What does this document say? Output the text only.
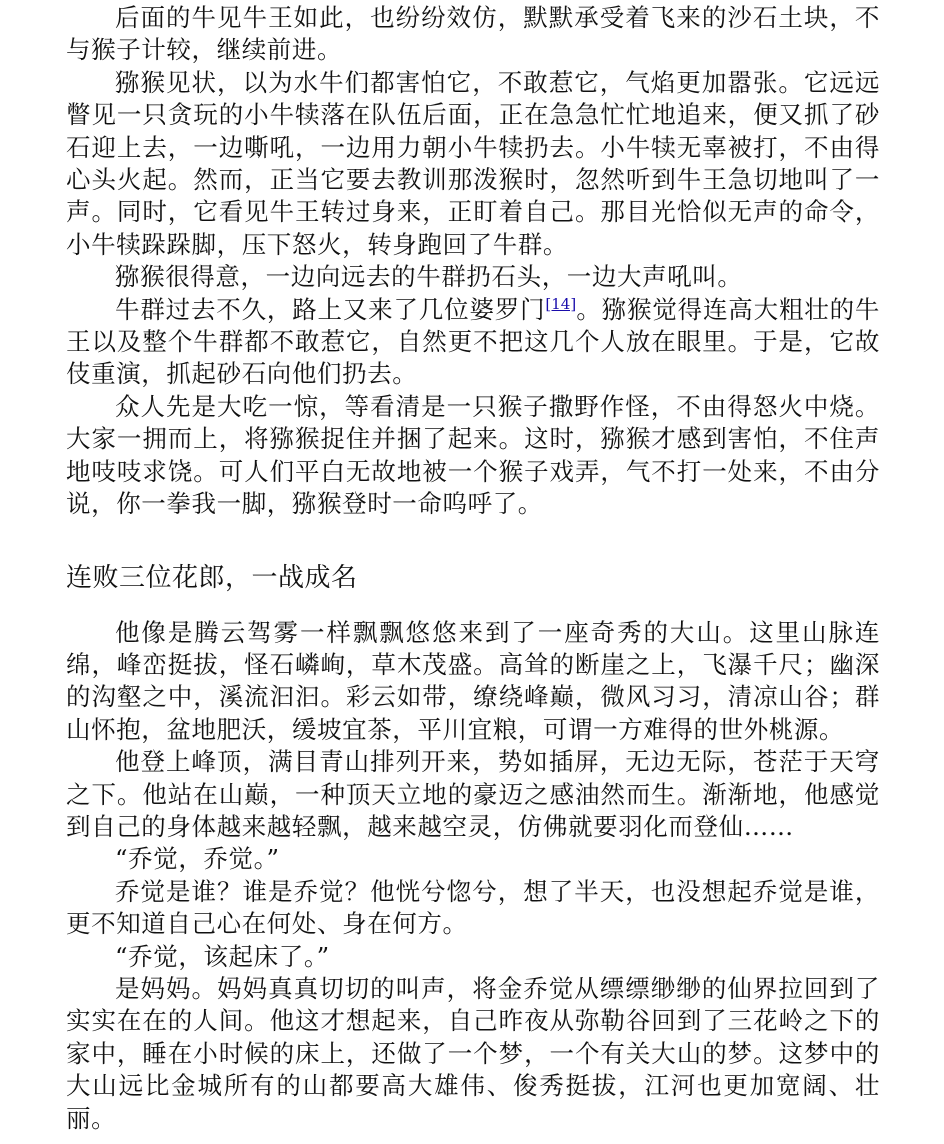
后面的牛见牛王如此，也纷纷效仿，默默承受着飞来的沙石土块，不与猴子计较，继续前进。

猕猴见状，以为水牛们都害怕它，不敢惹它，气焰更加嚣张。它远远瞥见一只贪玩的小牛犊落在队伍后面，正在急急忙忙地追来，便又抓了砂石迎上去，一边嘶吼，一边用力朝小牛犊扔去。小牛犊无辜被打，不由得心头火起。然而，正当它要去教训那泼猴时，忽然听到牛王急切地叫了一声。同时，它看见牛王转过身来，正盯着自己。那目光恰似无声的命令，小牛犊跺跺脚，压下怒火，转身跑回了牛群。

猕猴很得意，一边向远去的牛群扔石头，一边大声吼叫。

牛群过去不久，路上又来了几位婆罗门[14]。猕猴觉得连高大粗壮的牛王以及整个牛群都不敢惹它，自然更不把这几个人放在眼里。于是，它故伎重演，抓起砂石向他们扔去。

众人先是大吃一惊，等看清是一只猴子撒野作怪，不由得怒火中烧。大家一拥而上，将猕猴捉住并捆了起来。这时，猕猴才感到害怕，不住声地吱吱求饶。可人们平白无故地被一个猴子戏弄，气不打一处来，不由分说，你一拳我一脚，猕猴登时一命呜呼了。

连败三位花郎，一战成名

他像是腾云驾雾一样飘飘悠悠来到了一座奇秀的大山。这里山脉连绵，峰峦挺拔，怪石嶙峋，草木茂盛。高耸的断崖之上，飞瀑千尺；幽深的沟壑之中，溪流汩汩。彩云如带，缭绕峰巅，微风习习，清凉山谷；群山怀抱，盆地肥沃，缓坡宜茶，平川宜粮，可谓一方难得的世外桃源。

他登上峰顶，满目青山排列开来，势如插屏，无边无际，苍茫于天穹之下。他站在山巅，一种顶天立地的豪迈之感油然而生。渐渐地，他感觉到自己的身体越来越轻飘，越来越空灵，仿佛就要羽化而登仙……

“乔觉，乔觉。”

乔觉是谁？谁是乔觉？他恍兮惚兮，想了半天，也没想起乔觉是谁，更不知道自己心在何处、身在何方。

“乔觉，该起床了。”

是妈妈。妈妈真真切切的叫声，将金乔觉从缥缥缈缈的仙界拉回到了实实在在的人间。他这才想起来，自己昨夜从弥勒谷回到了三花岭之下的家中，睡在小时候的床上，还做了一个梦，一个有关大山的梦。这梦中的大山远比金城所有的山都要高大雄伟、俊秀挺拔，江河也更加宽阔、壮丽。
